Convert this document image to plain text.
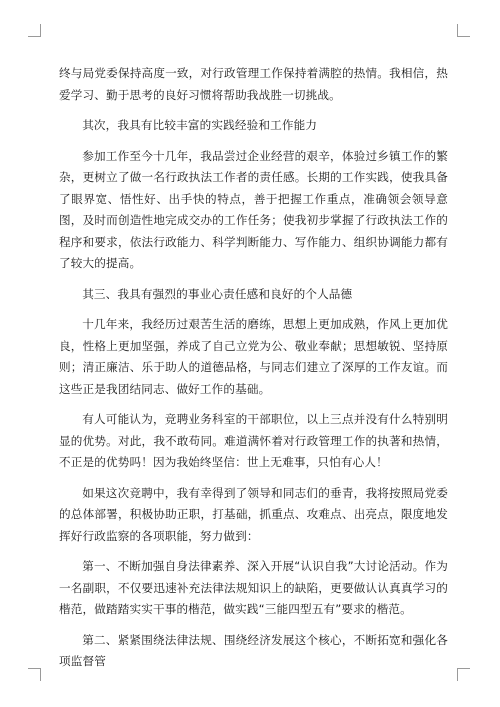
终与局党委保持高度一致，对行政管理工作保持着满腔的热情。我相信，热爱学习、勤于思考的良好习惯将帮助我战胜一切挑战。

其次，我具有比较丰富的实践经验和工作能力

参加工作至今十几年，我品尝过企业经营的艰辛，体验过乡镇工作的繁杂，更树立了做一名行政执法工作者的责任感。长期的工作实践，使我具备了眼界宽、悟性好、出手快的特点，善于把握工作重点，准确领会领导意图，及时而创造性地完成交办的工作任务；使我初步掌握了行政执法工作的程序和要求，依法行政能力、科学判断能力、写作能力、组织协调能力都有了较大的提高。

其三、我具有强烈的事业心责任感和良好的个人品德

十几年来，我经历过艰苦生活的磨练，思想上更加成熟，作风上更加优良，性格上更加坚强，养成了自己立党为公、敬业奉献；思想敏锐、坚持原则；清正廉洁、乐于助人的道德品格，与同志们建立了深厚的工作友谊。而这些正是我团结同志、做好工作的基础。

有人可能认为，竞聘业务科室的干部职位，以上三点并没有什么特别明显的优势。对此，我不敢苟同。难道满怀着对行政管理工作的执著和热情，不正是的优势吗！因为我始终坚信：世上无难事，只怕有心人！

如果这次竞聘中，我有幸得到了领导和同志们的垂青，我将按照局党委的总体部署，积极协助正职，打基础，抓重点、攻难点、出亮点，限度地发挥好行政监察的各项职能，努力做到：

第一、不断加强自身法律素养、深入开展“认识自我”大讨论活动。作为一名副职，不仅要迅速补充法律法规知识上的缺陷，更要做认认真真学习的楷范，做踏踏实实干事的楷范，做实践“三能四型五有”要求的楷范。

第二、紧紧围绕法律法规、围绕经济发展这个核心，不断拓宽和强化各项监督管
